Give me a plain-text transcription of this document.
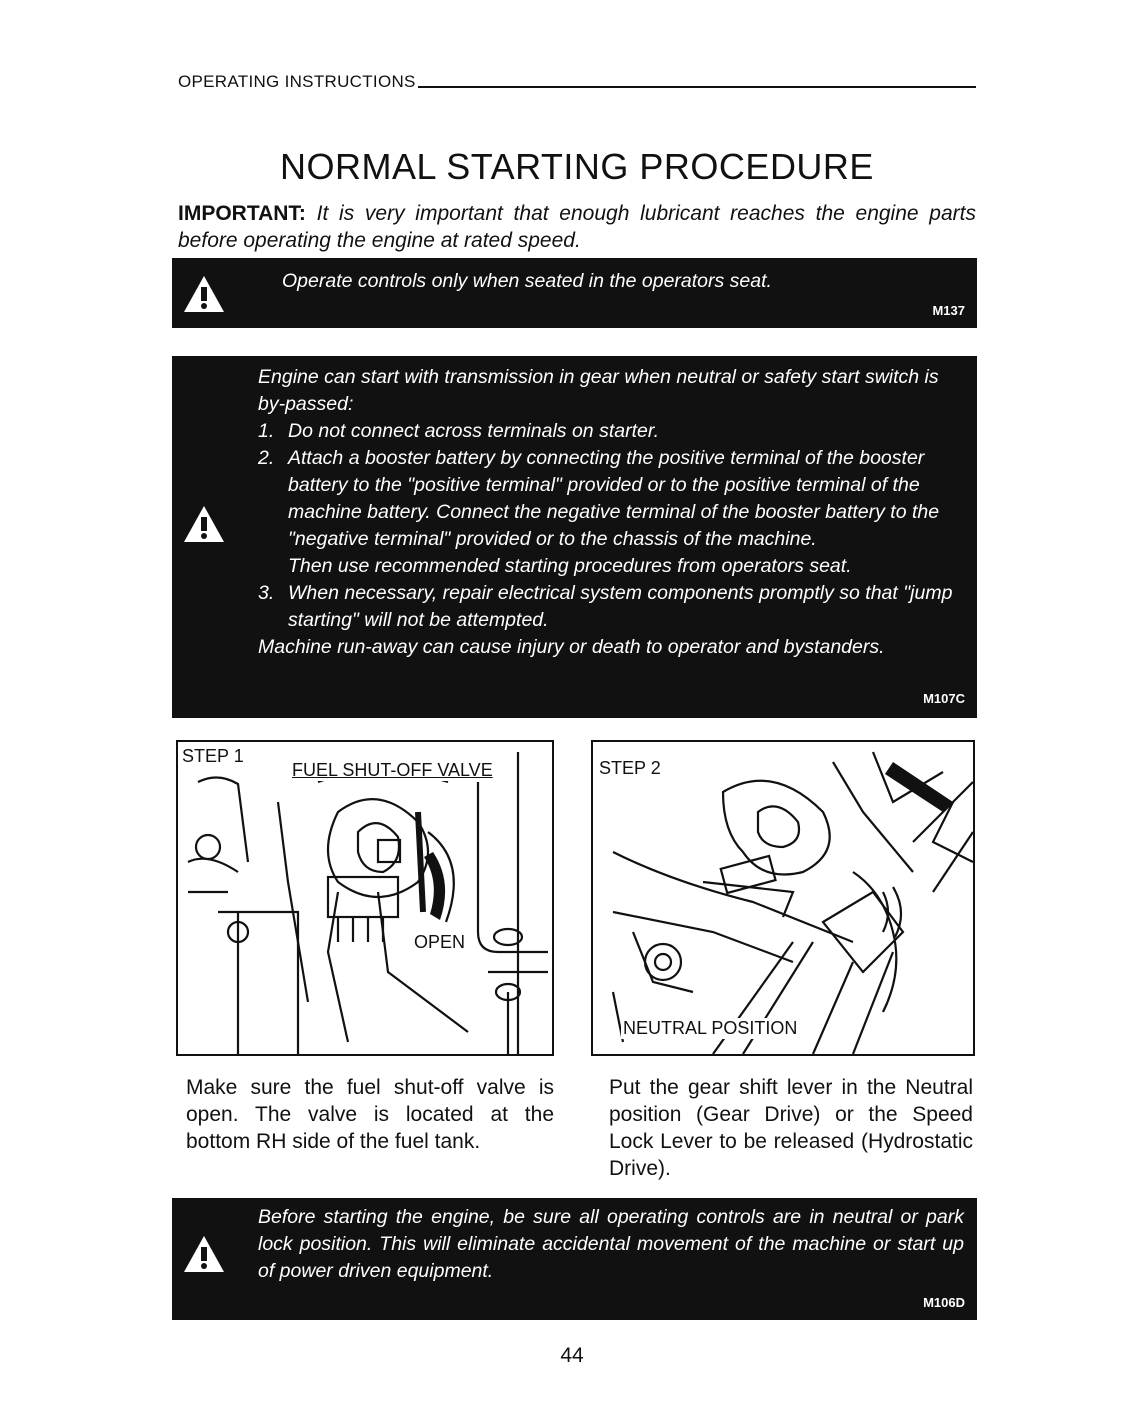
OPERATING INSTRUCTIONS
NORMAL STARTING PROCEDURE
IMPORTANT: It is very important that enough lubricant reaches the engine parts before operating the engine at rated speed.
Operate controls only when seated in the operators seat.
M137
Engine can start with transmission in gear when neutral or safety start switch is by-passed:
1. Do not connect across terminals on starter.
2. Attach a booster battery by connecting the positive terminal of the booster battery to the "positive terminal" provided or to the positive terminal of the machine battery. Connect the negative terminal of the booster battery to the "negative terminal" provided or to the chassis of the machine.
Then use recommended starting procedures from operators seat.
3. When necessary, repair electrical system components promptly so that "jump starting" will not be attempted.
Machine run-away can cause injury or death to operator and bystanders.
M107C
STEP 1
FUEL SHUT-OFF VALVE
OPEN
STEP 2
NEUTRAL POSITION
Make sure the fuel shut-off valve is open. The valve is located at the bottom RH side of the fuel tank.
Put the gear shift lever in the Neutral position (Gear Drive) or the Speed Lock Lever to be released (Hydrostatic Drive).
Before starting the engine, be sure all operating controls are in neutral or park lock position. This will eliminate accidental movement of the machine or start up of power driven equipment.
M106D
44
